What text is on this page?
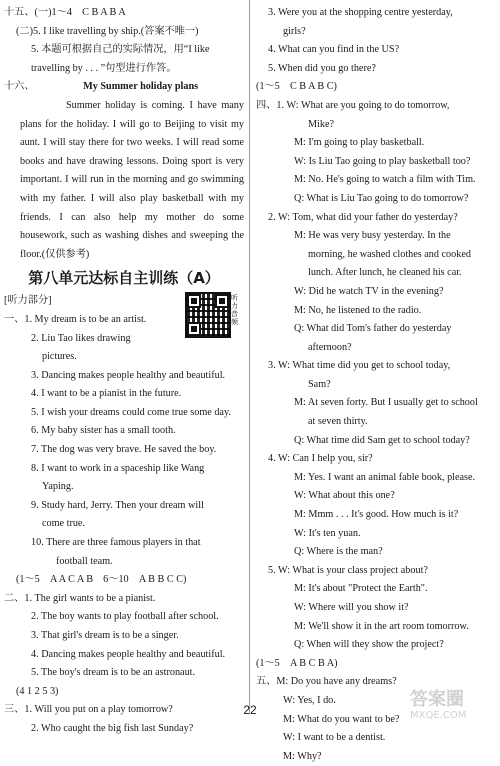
十五、(一)1～4　C B A B A
(二)5. I like travelling by ship.(答案不唯一)
5. 本题可根据自己的实际情况，用“I like
travelling by . . . ”句型进行作答。
十六、	My Summer holiday plans
Summer holiday is coming. I have many plans for the holiday. I will go to Beijing to visit my aunt. I will stay there for two weeks. I will read some books and have drawing lessons. Doing sport is very important. I will run in the morning and go swimming with my father. I will also play basketball with my friends. I can also help my mother do some housework, such as washing dishes and sweeping the floor.(仅供参考)
第八单元达标自主训练（A）
[听力部分]
一、1. My dream is to be an artist.
2. Liu Tao likes drawing
pictures.
3. Dancing makes people healthy and beautiful.
4. I want to be a pianist in the future.
5. I wish your dreams could come true some day.
6. My baby sister has a small tooth.
7. The dog was very brave. He saved the boy.
8. I want to work in a spaceship like Wang
Yaping.
9. Study hard, Jerry. Then your dream will
come true.
10. There are three famous players in that
football team.
(1～5　A A C A B　6～10　A B B C C)
二、1. The girl wants to be a pianist.
2. The boy wants to play football after school.
3. That girl's dream is to be a singer.
4. Dancing makes people healthy and beautiful.
5. The boy's dream is to be an astronaut.
(4 1 2 5 3)
三、1. Will you put on a play tomorrow?
2. Who caught the big fish last Sunday?
听力音频
3. Were you at the shopping centre yesterday,
girls?
4. What can you find in the US?
5. When did you go there?
(1～5　C B A B C)
四、1. W: What are you going to do tomorrow,
Mike?
M: I'm going to play basketball.
W: Is Liu Tao going to play basketball too?
M: No. He's going to watch a film with Tim.
Q: What is Liu Tao going to do tomorrow?
2. W: Tom, what did your father do yesterday?
M: He was very busy yesterday. In the
morning, he washed clothes and cooked
lunch. After lunch, he cleaned his car.
W: Did he watch TV in the evening?
M: No, he listened to the radio.
Q: What did Tom's father do yesterday
afternoon?
3. W: What time did you get to school today,
Sam?
M: At seven forty. But I usually get to school
at seven thirty.
Q: What time did Sam get to school today?
4. W: Can I help you, sir?
M: Yes. I want an animal fable book, please.
W: What about this one?
M: Mmm . . . It's good. How much is it?
W: It's ten yuan.
Q: Where is the man?
5. W: What is your class project about?
M: It's about "Protect the Earth".
W: Where will you show it?
M: We'll show it in the art room tomorrow.
Q: When will they show the project?
(1～5　A B C B A)
五、M: Do you have any dreams?
W: Yes, I do.
M: What do you want to be?
W: I want to be a dentist.
M: Why?
22	答案圈
MXQE.COM
